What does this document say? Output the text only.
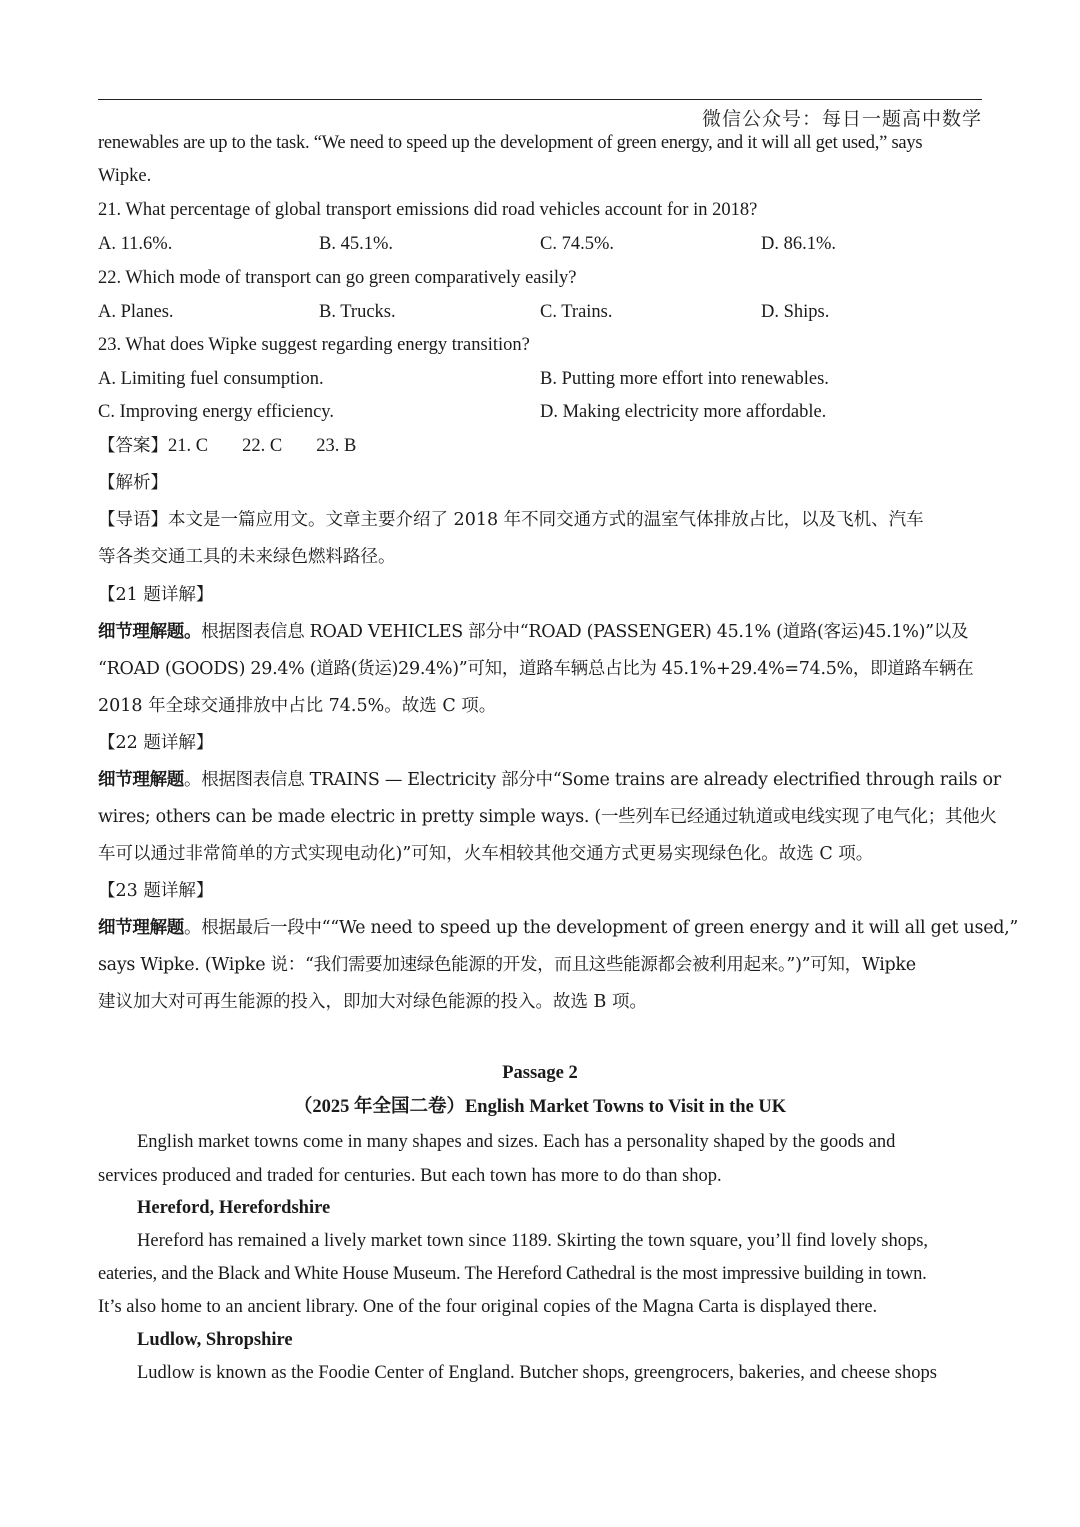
微信公众号：每日一题高中数学
renewables are up to the task. “We need to speed up the development of green energy, and it will all get used,” says
Wipke.
21. What percentage of global transport emissions did road vehicles account for in 2018?
A. 11.6%.	B. 45.1%.	C. 74.5%.	D. 86.1%.
22. Which mode of transport can go green comparatively easily?
A. Planes.	B. Trucks.	C. Trains.	D. Ships.
23. What does Wipke suggest regarding energy transition?
A. Limiting fuel consumption.	B. Putting more effort into renewables.
C. Improving energy efficiency.	D. Making electricity more affordable.
【答案】21. C 22. C 23. B
【解析】
【导语】本文是一篇应用文。文章主要介绍了 2018 年不同交通方式的温室气体排放占比，以及飞机、汽车
等各类交通工具的未来绿色燃料路径。
【21 题详解】
细节理解题。根据图表信息 ROAD VEHICLES 部分中“ROAD (PASSENGER) 45.1% (道路(客运)45.1%)”以及
“ROAD (GOODS) 29.4% (道路(货运)29.4%)”可知，道路车辆总占比为 45.1%+29.4%=74.5%，即道路车辆在
2018 年全球交通排放中占比 74.5%。故选 C 项。
【22 题详解】
细节理解题。根据图表信息 TRAINS — Electricity 部分中“Some trains are already electrified through rails or
wires; others can be made electric in pretty simple ways. (一些列车已经通过轨道或电线实现了电气化；其他火
车可以通过非常简单的方式实现电动化)”可知，火车相较其他交通方式更易实现绿色化。故选 C 项。
【23 题详解】
细节理解题。根据最后一段中““We need to speed up the development of green energy and it will all get used,”
says Wipke. (Wipke 说：“我们需要加速绿色能源的开发，而且这些能源都会被利用起来。”)”可知，Wipke
建议加大对可再生能源的投入，即加大对绿色能源的投入。故选 B 项。
Passage 2
（2025 年全国二卷）English Market Towns to Visit in the UK
English market towns come in many shapes and sizes. Each has a personality shaped by the goods and
services produced and traded for centuries. But each town has more to do than shop.
Hereford, Herefordshire
Hereford has remained a lively market town since 1189. Skirting the town square, you’ll find lovely shops,
eateries, and the Black and White House Museum. The Hereford Cathedral is the most impressive building in town.
It’s also home to an ancient library. One of the four original copies of the Magna Carta is displayed there.
Ludlow, Shropshire
Ludlow is known as the Foodie Center of England. Butcher shops, greengrocers, bakeries, and cheese shops
